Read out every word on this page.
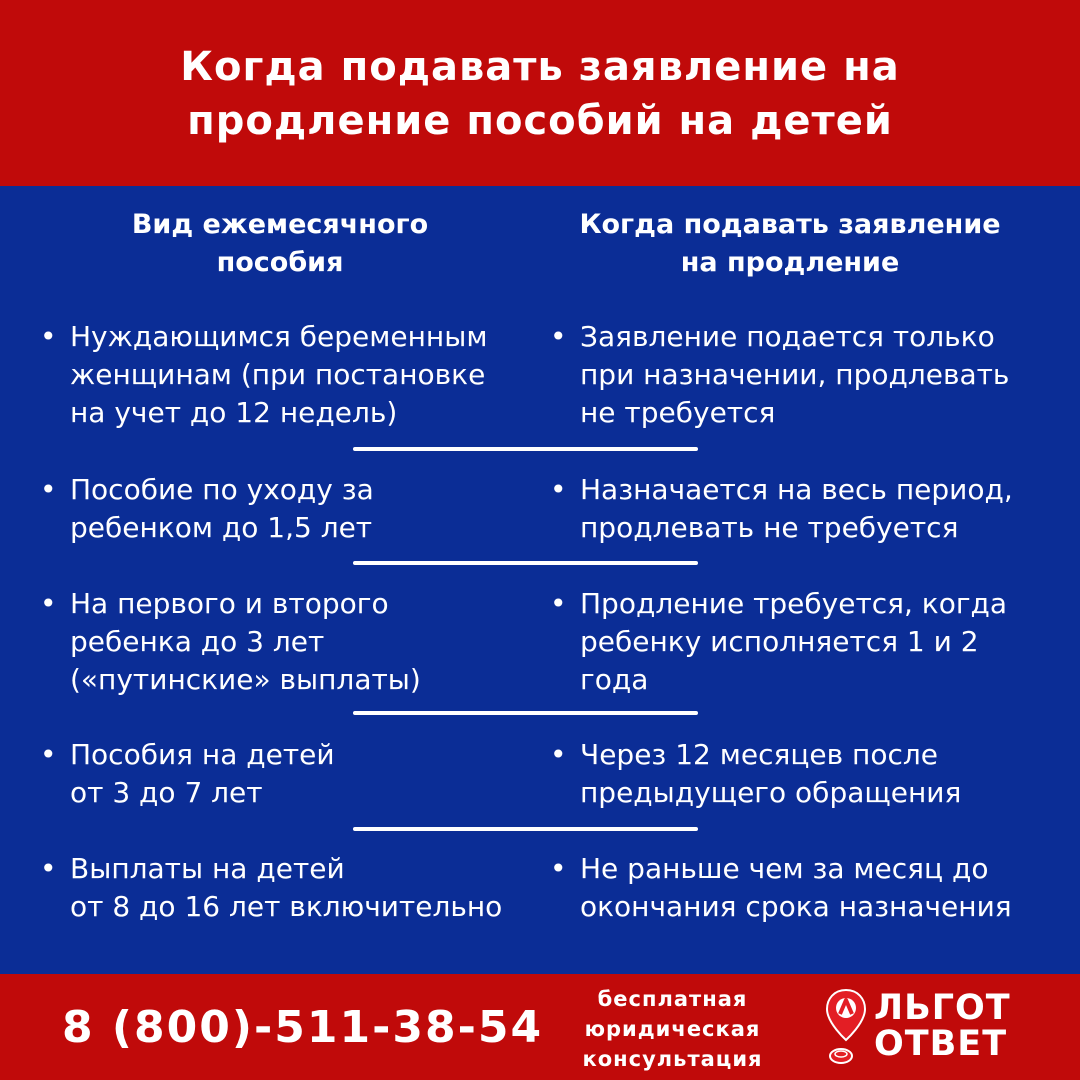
Когда подавать заявление на
продление пособий на детей
Вид ежемесячного
пособия
Когда подавать заявление
на продление
• Нуждающимся беременным
женщинам (при постановке
на учет до 12 недель)
• Заявление подается только
при назначении, продлевать
не требуется
• Пособие по уходу за
ребенком до 1,5 лет
• Назначается на весь период,
продлевать не требуется
• На первого и второго
ребенка до 3 лет
(«путинские» выплаты)
• Продление требуется, когда
ребенку исполняется 1 и 2
года
• Пособия на детей
от 3 до 7 лет
• Через 12 месяцев после
предыдущего обращения
• Выплаты на детей
от 8 до 16 лет включительно
• Не раньше чем за месяц до
окончания срока назначения
8 (800)-511-38-54
бесплатная
юридическая
консультация
ЛЬГОТ
ОТВЕТ
